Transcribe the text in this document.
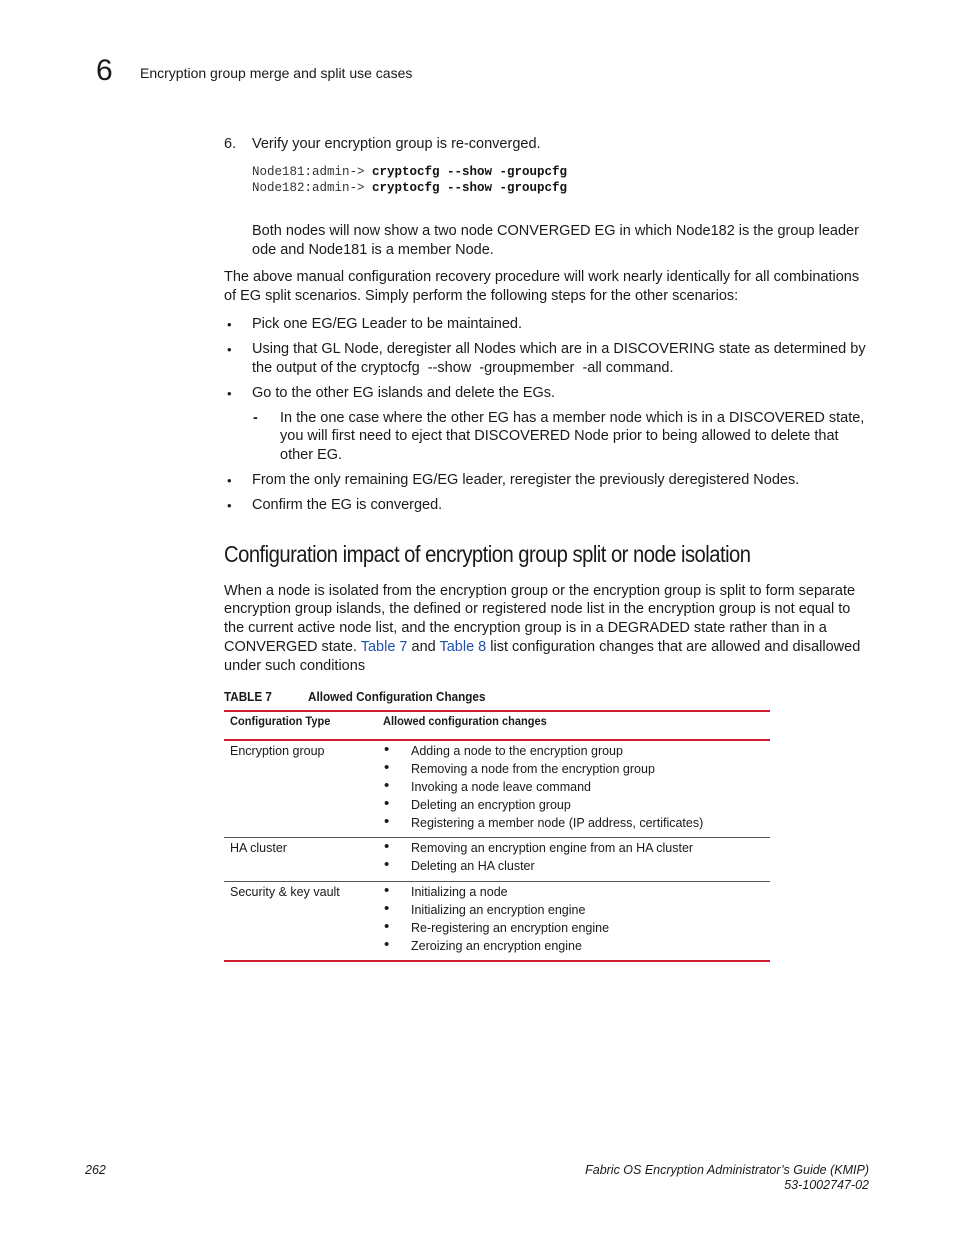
6 Encryption group merge and split use cases
6. Verify your encryption group is re-converged.
Node181:admin-> cryptocfg --show -groupcfg
Node182:admin-> cryptocfg --show -groupcfg
Both nodes will now show a two node CONVERGED EG in which Node182 is the group leader
ode and Node181 is a member Node.
The above manual configuration recovery procedure will work nearly identically for all combinations
of EG split scenarios. Simply perform the following steps for the other scenarios:
• Pick one EG/EG Leader to be maintained.
• Using that GL Node, deregister all Nodes which are in a DISCOVERING state as determined by
the output of the cryptocfg  --show  -groupmember  -all command.
• Go to the other EG islands and delete the EGs.
- In the one case where the other EG has a member node which is in a DISCOVERED state,
you will first need to eject that DISCOVERED Node prior to being allowed to delete that
other EG.
• From the only remaining EG/EG leader, reregister the previously deregistered Nodes.
• Confirm the EG is converged.
Configuration impact of encryption group split or node isolation
When a node is isolated from the encryption group or the encryption group is split to form separate
encryption group islands, the defined or registered node list in the encryption group is not equal to
the current active node list, and the encryption group is in a DEGRADED state rather than in a
CONVERGED state. Table 7 and Table 8 list configuration changes that are allowed and disallowed
under such conditions
TABLE 7	Allowed Configuration Changes
Configuration Type	Allowed configuration changes
Encryption group	• Adding a node to the encryption group
• Removing a node from the encryption group
• Invoking a node leave command
• Deleting an encryption group
• Registering a member node (IP address, certificates)
HA cluster	• Removing an encryption engine from an HA cluster
• Deleting an HA cluster
Security & key vault	• Initializing a node
• Initializing an encryption engine
• Re-registering an encryption engine
• Zeroizing an encryption engine
262	Fabric OS Encryption Administrator’s Guide (KMIP)
53-1002747-02
